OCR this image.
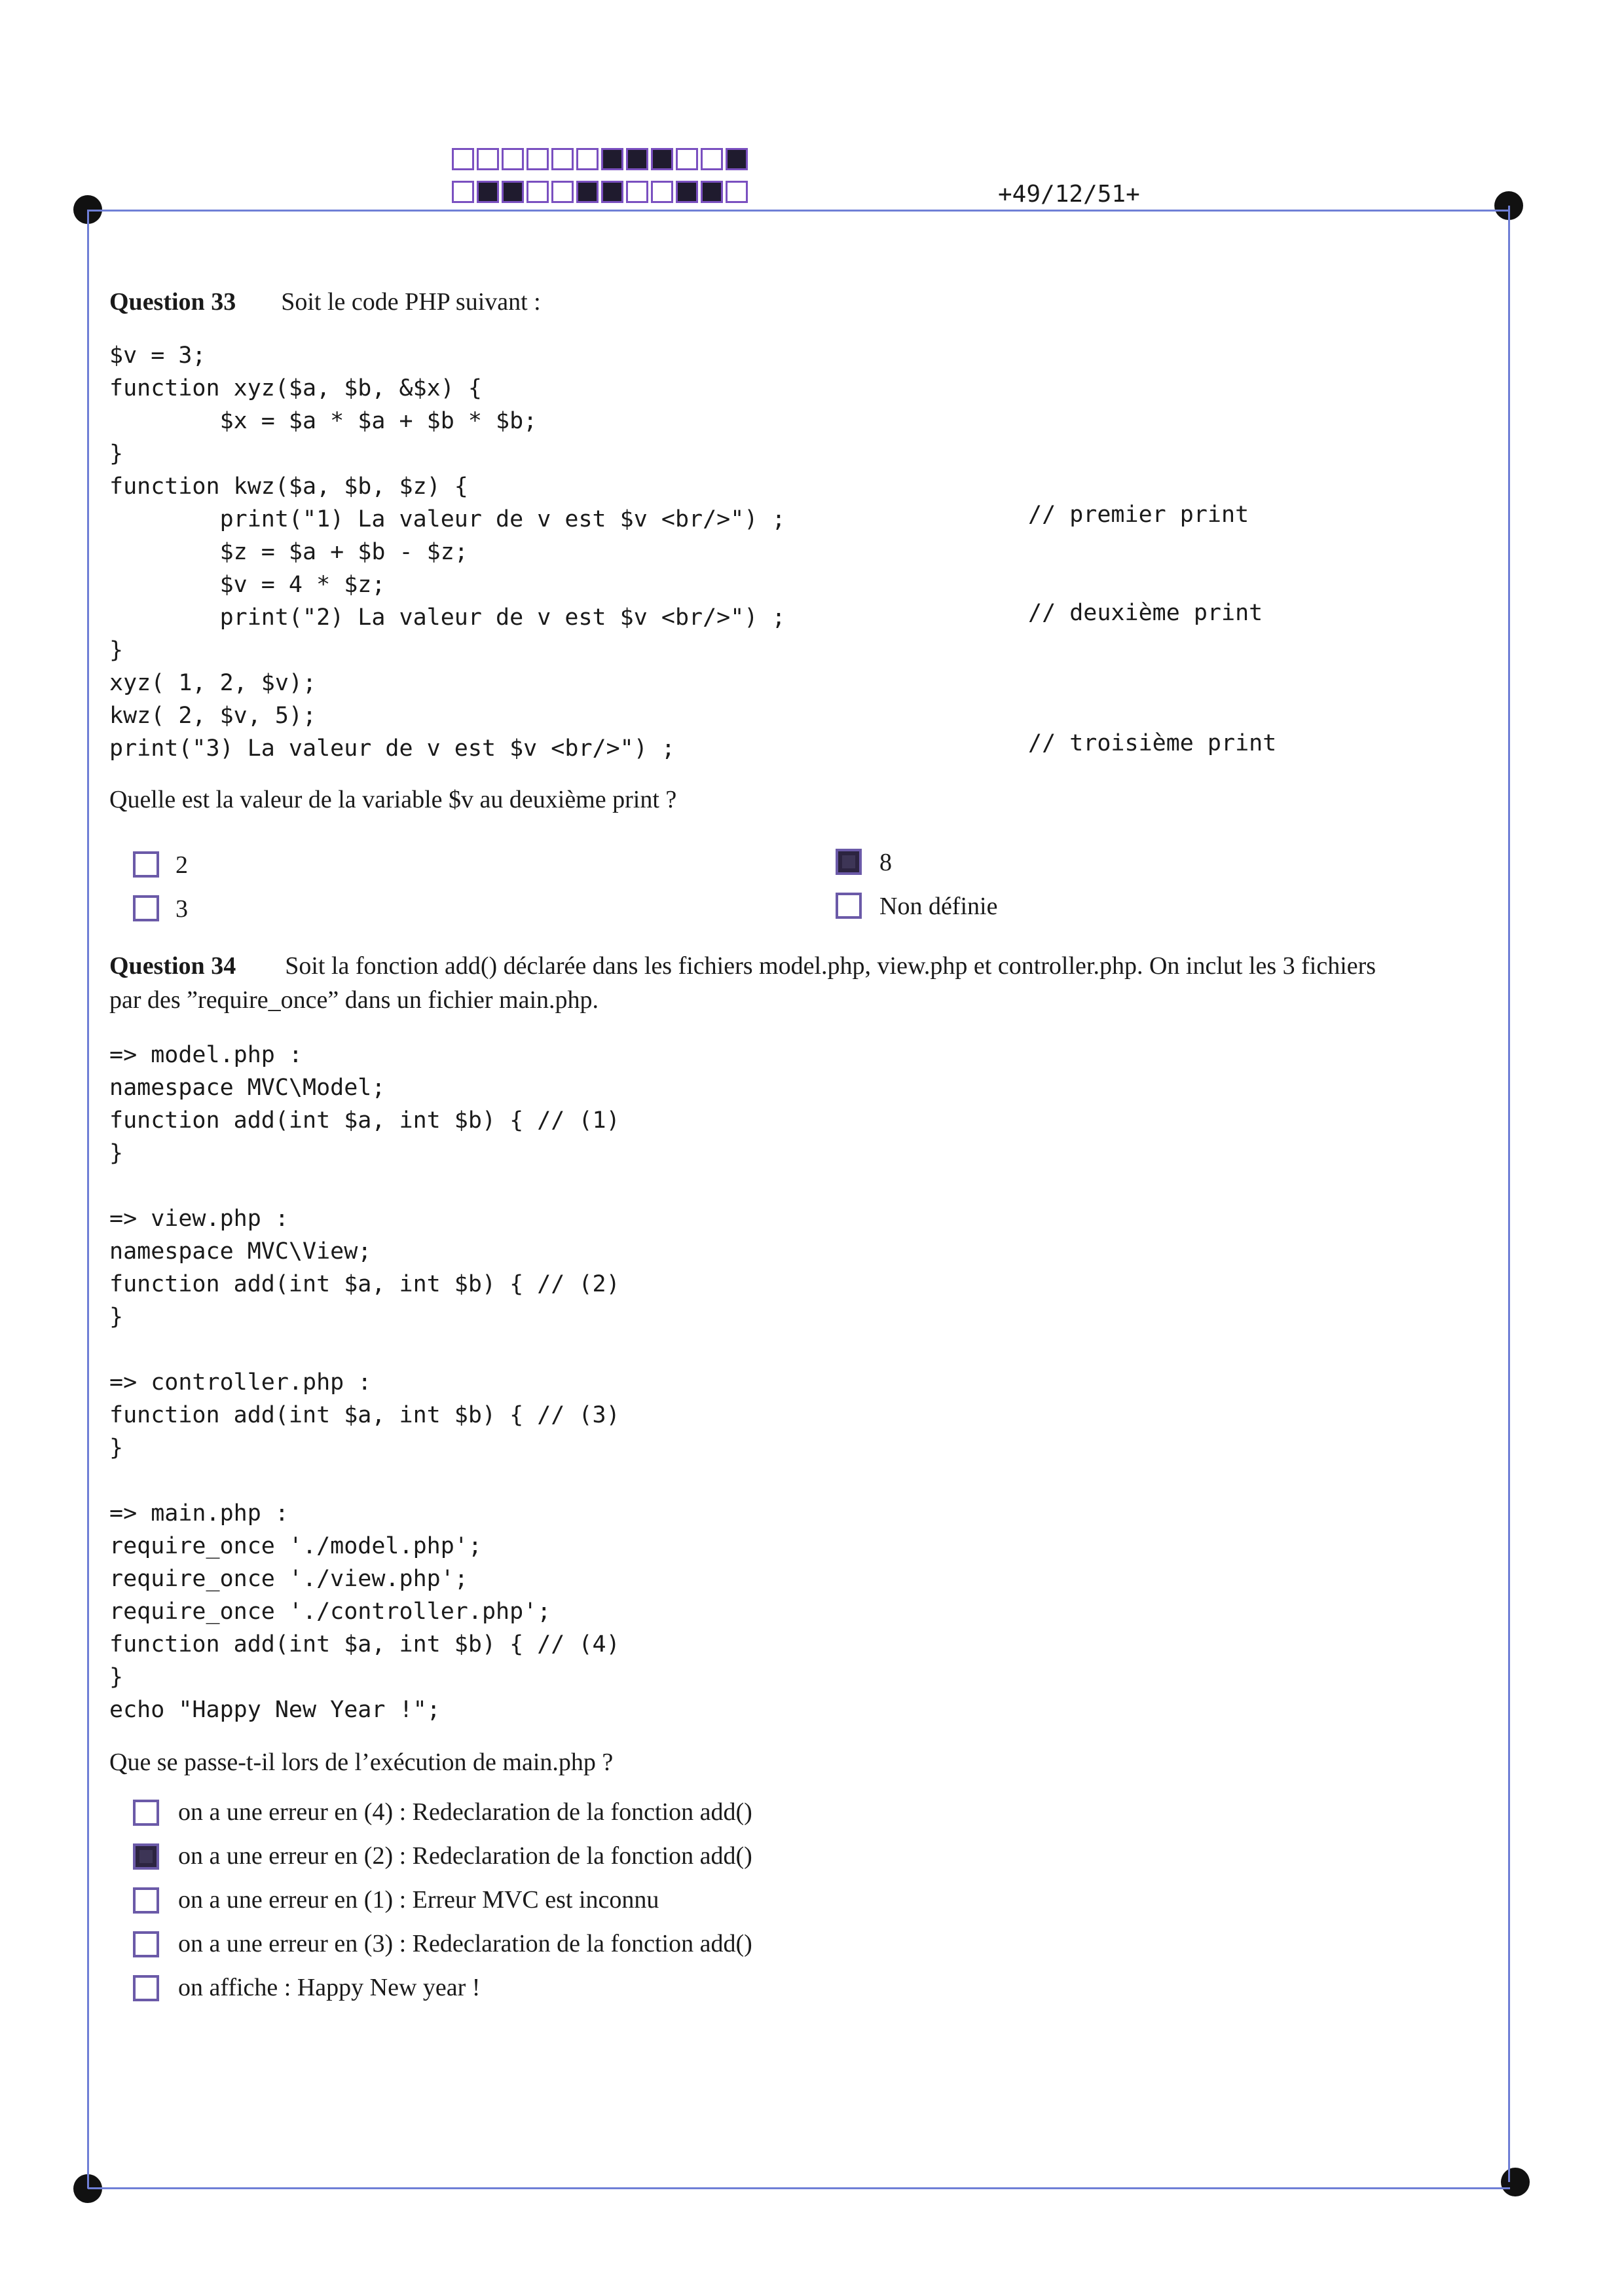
+49/12/51+
Question 33 Soit le code PHP suivant :
$v = 3;
function xyz($a, $b, &$x) {
$x = $a * $a + $b * $b;
}
function kwz($a, $b, $z) {
print("1) La valeur de v est $v <br/>") ;
$z = $a + $b - $z;
$v = 4 * $z;
print("2) La valeur de v est $v <br/>") ;
}
xyz( 1, 2, $v);
kwz( 2, $v, 5);
print("3) La valeur de v est $v <br/>") ;
// premier print
// deuxième print
// troisième print
Quelle est la valeur de la variable $v au deuxième print ?
2
3
8
Non définie
Question 34 Soit la fonction add() déclarée dans les fichiers model.php, view.php et controller.php. On inclut les 3 fichiers
par des ”require_once” dans un fichier main.php.
=> model.php :
namespace MVC\Model;
function add(int $a, int $b) { // (1)
}

=> view.php :
namespace MVC\View;
function add(int $a, int $b) { // (2)
}

=> controller.php :
function add(int $a, int $b) { // (3)
}

=> main.php :
require_once './model.php';
require_once './view.php';
require_once './controller.php';
function add(int $a, int $b) { // (4)
}
echo "Happy New Year !";
Que se passe-t-il lors de l’exécution de main.php ?
on a une erreur en (4) : Redeclaration de la fonction add()
on a une erreur en (2) : Redeclaration de la fonction add()
on a une erreur en (1) : Erreur MVC est inconnu
on a une erreur en (3) : Redeclaration de la fonction add()
on affiche : Happy New year !
